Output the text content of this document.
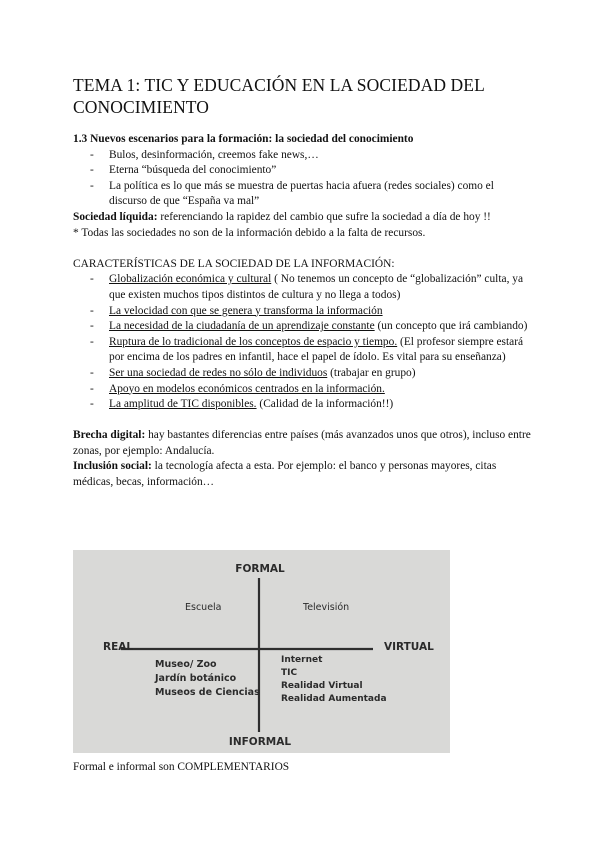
TEMA 1: TIC Y EDUCACIÓN EN LA SOCIEDAD DEL CONOCIMIENTO

1.3 Nuevos escenarios para la formación: la sociedad del conocimiento

- Bulos, desinformación, creemos fake news,…
- Eterna “búsqueda del conocimiento”
- La política es lo que más se muestra de puertas hacia afuera (redes sociales) como el discurso de que “España va mal”

Sociedad líquida: referenciando la rapidez del cambio que sufre la sociedad a día de hoy !!

* Todas las sociedades no son de la información debido a la falta de recursos.

CARACTERÍSTICAS DE LA SOCIEDAD DE LA INFORMACIÓN:

- Globalización económica y cultural ( No tenemos un concepto de “globalización” culta, ya que existen muchos tipos distintos de cultura y no llega a todos)
- La velocidad con que se genera y transforma la información
- La necesidad de la ciudadanía de un aprendizaje constante (un concepto que irá cambiando)
- Ruptura de lo tradicional de los conceptos de espacio y tiempo. (El profesor siempre estará por encima de los padres en infantil, hace el papel de ídolo. Es vital para su enseñanza)
- Ser una sociedad de redes no sólo de individuos (trabajar en grupo)
- Apoyo en modelos económicos centrados en la información.
- La amplitud de TIC disponibles. (Calidad de la información!!)

Brecha digital: hay bastantes diferencias entre países (más avanzados unos que otros), incluso entre zonas, por ejemplo: Andalucía.

Inclusión social: la tecnología afecta a esta. Por ejemplo: el banco y personas mayores, citas médicas, becas, información…

FORMAL
INFORMAL
REAL	VIRTUAL
Escuela	Televisión
Museo/ Zoo
Jardín botánico
Museos de Ciencias
Internet
TIC
Realidad Virtual
Realidad Aumentada

Formal e informal son COMPLEMENTARIOS
